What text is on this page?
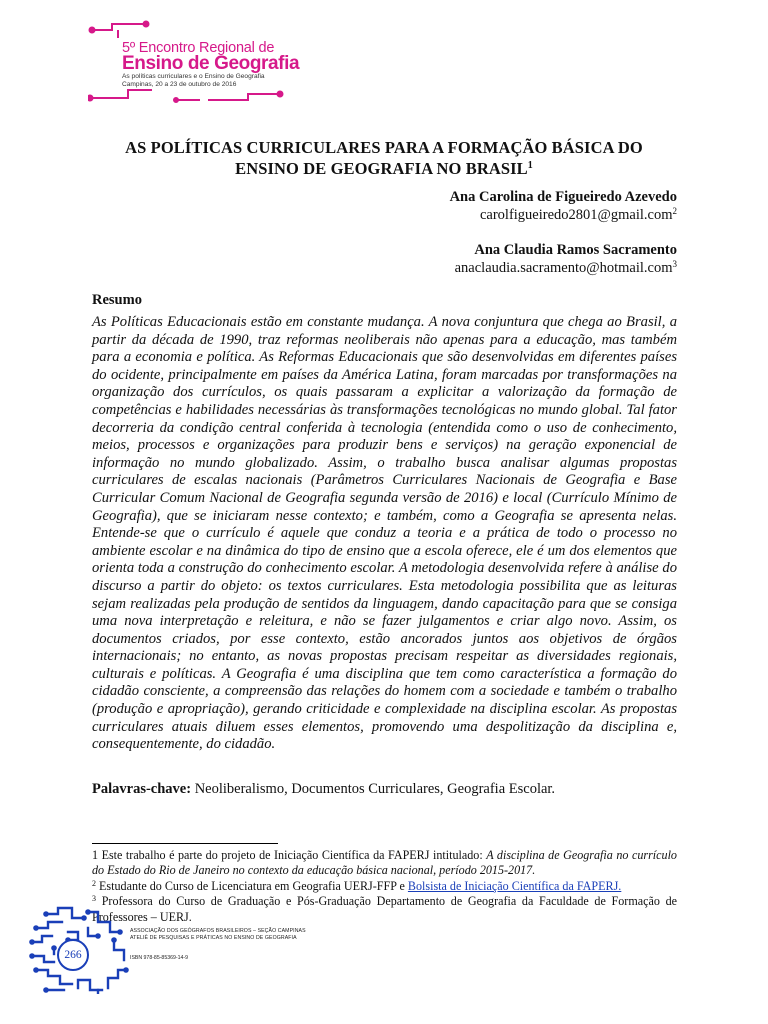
5º Encontro Regional de
Ensino de Geografia
As políticas curriculares e o Ensino de Geografia
Campinas, 20 a 23 de outubro de 2016
AS POLÍTICAS CURRICULARES PARA A FORMAÇÃO BÁSICA DO
ENSINO DE GEOGRAFIA NO BRASIL$^1$
Ana Carolina de Figueiredo Azevedo
carolfigueiredo2801@gmail.com$^2$
Ana Claudia Ramos Sacramento
anaclaudia.sacramento@hotmail.com$^3$
Resumo

As Políticas Educacionais estão em constante mudança. A nova conjuntura que chega ao Brasil, a partir da década de 1990, traz reformas neoliberais não apenas para a educação, mas também para a economia e política. As Reformas Educacionais que são desenvolvidas em diferentes países do ocidente, principalmente em países da América Latina, foram marcadas por transformações na organização dos currículos, os quais passaram a explicitar a valorização da formação de competências e habilidades necessárias às transformações tecnológicas no mundo global. Tal fator decorreria da condição central conferida à tecnologia (entendida como o uso de conhecimento, meios, processos e organizações para produzir bens e serviços) na geração exponencial de informação no mundo globalizado. Assim, o trabalho busca analisar algumas propostas curriculares de escalas nacionais (Parâmetros Curriculares Nacionais de Geografia e Base Curricular Comum Nacional de Geografia segunda versão de 2016) e local (Currículo Mínimo de Geografia), que se iniciaram nesse contexto; e também, como a Geografia se apresenta nelas. Entende-se que o currículo é aquele que conduz a teoria e a prática de todo o processo no ambiente escolar e na dinâmica do tipo de ensino que a escola oferece, ele é um dos elementos que orienta toda a construção do conhecimento escolar. A metodologia desenvolvida refere à análise do discurso a partir do objeto: os textos curriculares. Esta metodologia possibilita que as leituras sejam realizadas pela produção de sentidos da linguagem, dando capacitação para que se consiga uma nova interpretação e releitura, e não se fazer julgamentos e criar algo novo. Assim, os documentos criados, por esse contexto, estão ancorados juntos aos objetivos de órgãos internacionais; no entanto, as novas propostas precisam respeitar as diversidades regionais, culturais e políticas. A Geografia é uma disciplina que tem como característica a formação do cidadão consciente, a compreensão das relações do homem com a sociedade e também o trabalho (produção e apropriação), gerando criticidade e complexidade na disciplina escolar. As propostas curriculares atuais diluem esses elementos, promovendo uma despolitização da disciplina e, consequentemente, do cidadão.

Palavras-chave: Neoliberalismo, Documentos Curriculares, Geografia Escolar.

1 Este trabalho é parte do projeto de Iniciação Científica da FAPERJ intitulado: A disciplina de Geografia no currículo do Estado do Rio de Janeiro no contexto da educação básica nacional, período 2015-2017.

$^2$ Estudante do Curso de Licenciatura em Geografia UERJ-FFP e Bolsista de Iniciação Científica da FAPERJ.

$^3$ Professora do Curso de Graduação e Pós-Graduação Departamento de Geografia da Faculdade de Formação de Professores – UERJ.

266
ASSOCIAÇÃO DOS GEÓGRAFOS BRASILEIROS – SEÇÃO CAMPINAS
ATELIÊ DE PESQUISAS E PRÁTICAS NO ENSINO DE GEOGRAFIA
ISBN 978-85-85369-14-9
